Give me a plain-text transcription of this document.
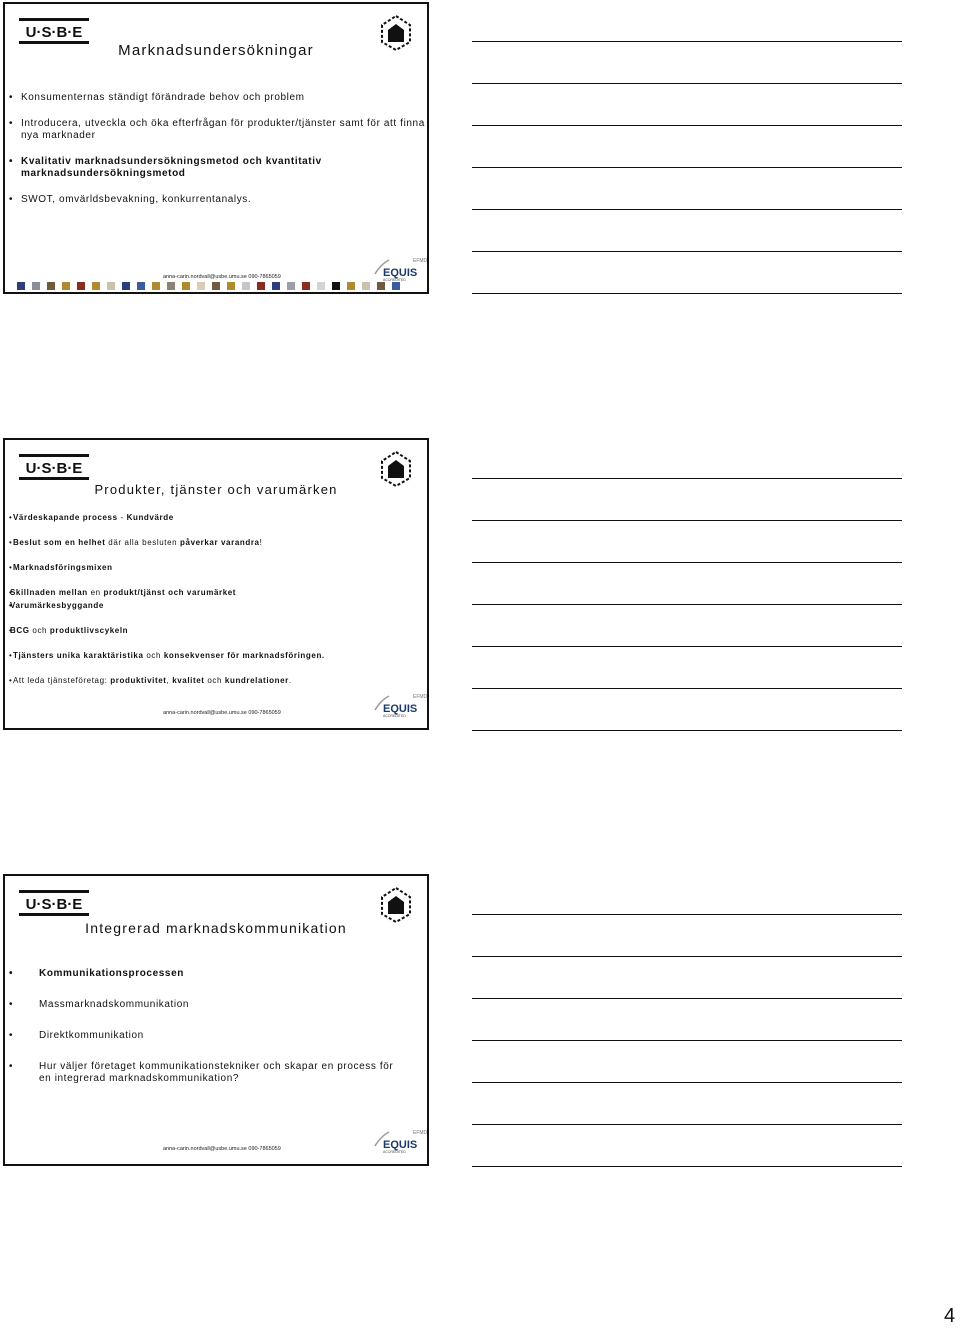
U·S·B·E
Marknadsundersökningar
• Konsumenternas ständigt förändrade behov och problem
• Introducera, utveckla och öka efterfrågan för produkter/tjänster samt för att finna nya marknader
• Kvalitativ marknadsundersökningsmetod och kvantitativ marknadsundersökningsmetod
• SWOT, omvärldsbevakning, konkurrentanalys.
anna-carin.nordvall@usbe.umu.se 090-7865059
EFMD
EQUIS
ACCREDITED
U·S·B·E
Produkter, tjänster och varumärken
• Värdeskapande process - Kundvärde
• Beslut som en helhet där alla besluten påverkar varandra!
• Marknadsföringsmixen
• Skillnaden mellan en produkt/tjänst och varumärket
• Varumärkesbyggande
• BCG och produktlivscykeln
• Tjänsters unika karaktäristika och konsekvenser för marknadsföringen.
• Att leda tjänsteföretag: produktivitet, kvalitet och kundrelationer.
anna-carin.nordvall@usbe.umu.se 090-7865059
EFMD
EQUIS
ACCREDITED
U·S·B·E
Integrerad marknadskommunikation
• Kommunikationsprocessen
• Massmarknadskommunikation
• Direktkommunikation
• Hur väljer företaget kommunikationstekniker och skapar en process för en integrerad marknadskommunikation?
anna-carin.nordvall@usbe.umu.se 090-7865059
EFMD
EQUIS
ACCREDITED
4
